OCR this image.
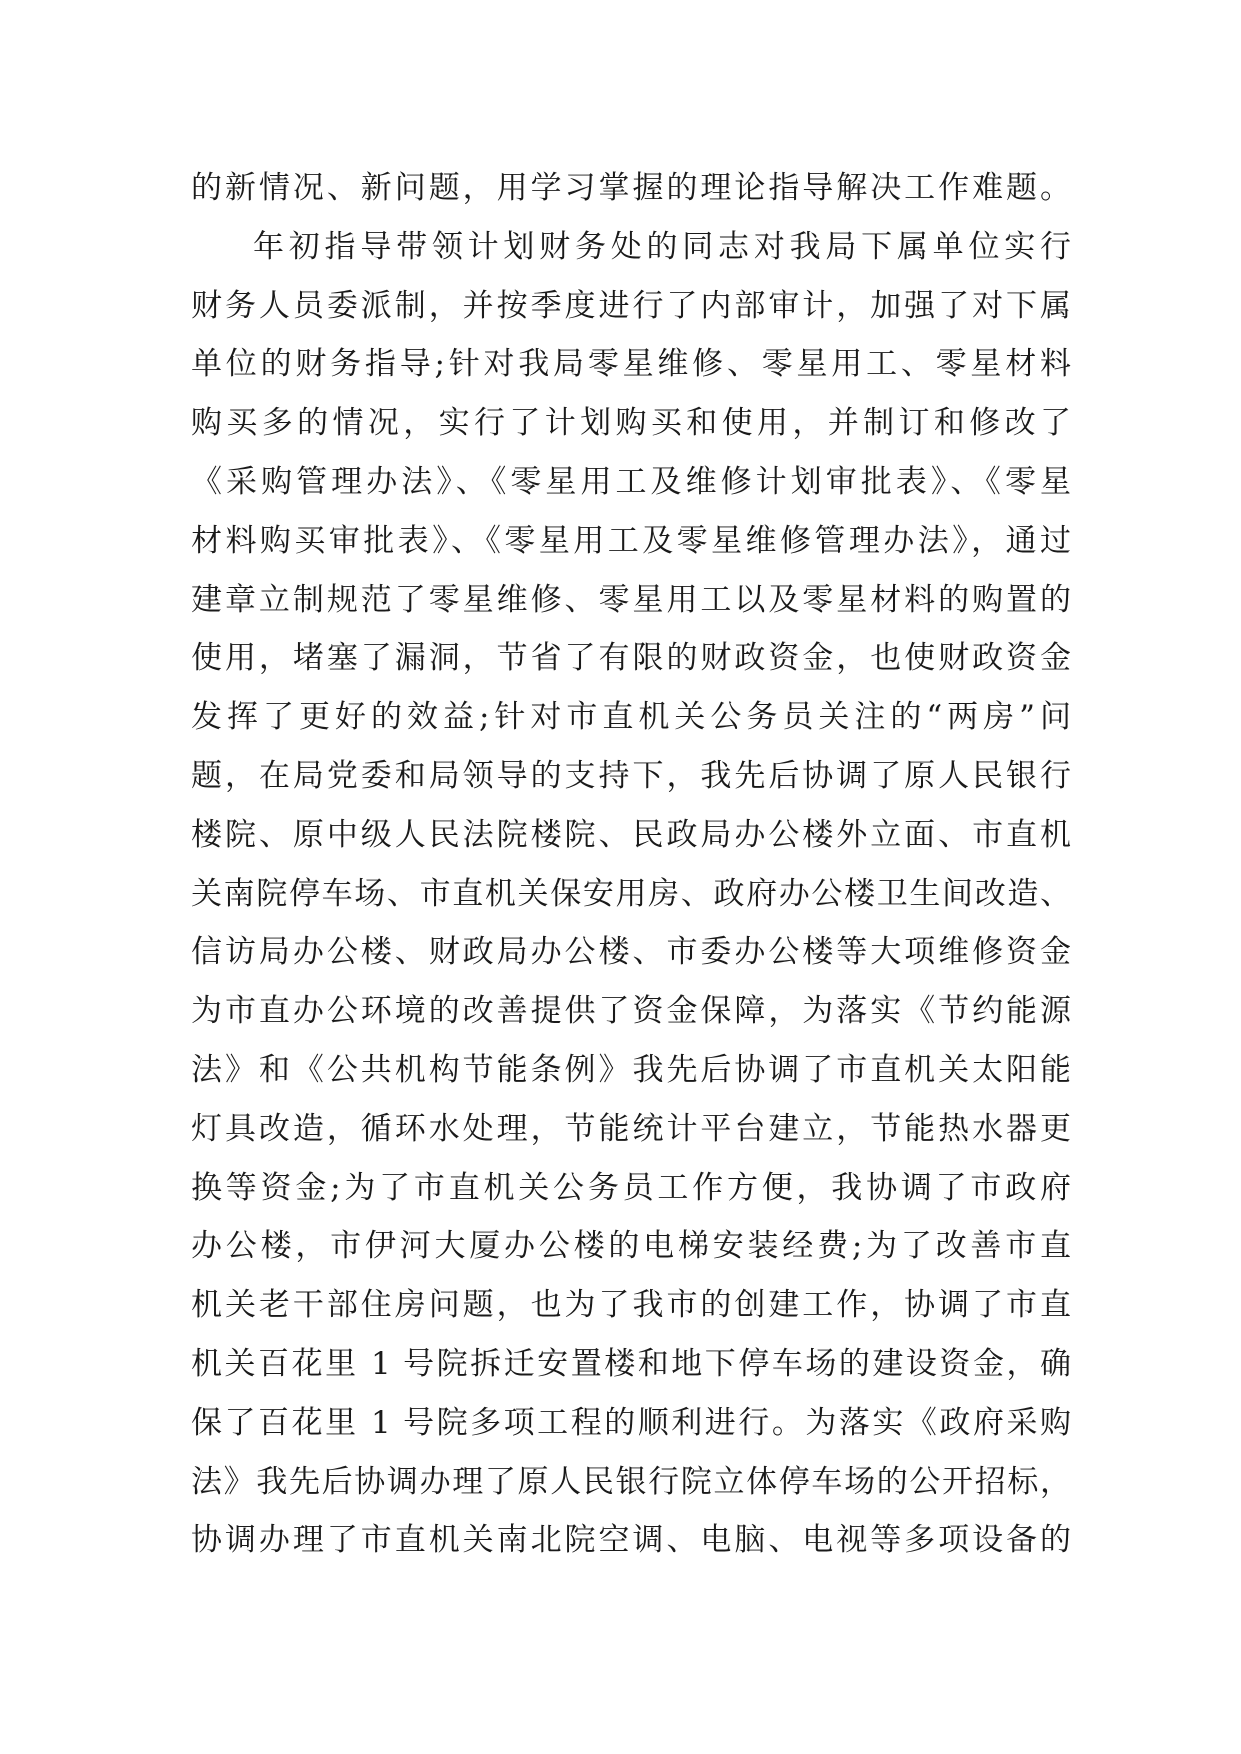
的新情况、新问题，用学习掌握的理论指导解决工作难题。
年初指导带领计划财务处的同志对我局下属单位实行
财务人员委派制，并按季度进行了内部审计，加强了对下属
单位的财务指导;针对我局零星维修、零星用工、零星材料
购买多的情况，实行了计划购买和使用，并制订和修改了
《采购管理办法》、《零星用工及维修计划审批表》、《零星
材料购买审批表》、《零星用工及零星维修管理办法》，通过
建章立制规范了零星维修、零星用工以及零星材料的购置的
使用，堵塞了漏洞，节省了有限的财政资金，也使财政资金
发挥了更好的效益;针对市直机关公务员关注的“两房”问
题，在局党委和局领导的支持下，我先后协调了原人民银行
楼院、原中级人民法院楼院、民政局办公楼外立面、市直机
关南院停车场、市直机关保安用房、政府办公楼卫生间改造、
信访局办公楼、财政局办公楼、市委办公楼等大项维修资金
为市直办公环境的改善提供了资金保障，为落实《节约能源
法》和《公共机构节能条例》我先后协调了市直机关太阳能
灯具改造，循环水处理，节能统计平台建立，节能热水器更
换等资金;为了市直机关公务员工作方便，我协调了市政府
办公楼，市伊河大厦办公楼的电梯安装经费;为了改善市直
机关老干部住房问题，也为了我市的创建工作，协调了市直
机关百花里 1 号院拆迁安置楼和地下停车场的建设资金，确
保了百花里 1 号院多项工程的顺利进行。为落实《政府采购
法》我先后协调办理了原人民银行院立体停车场的公开招标，
协调办理了市直机关南北院空调、电脑、电视等多项设备的
